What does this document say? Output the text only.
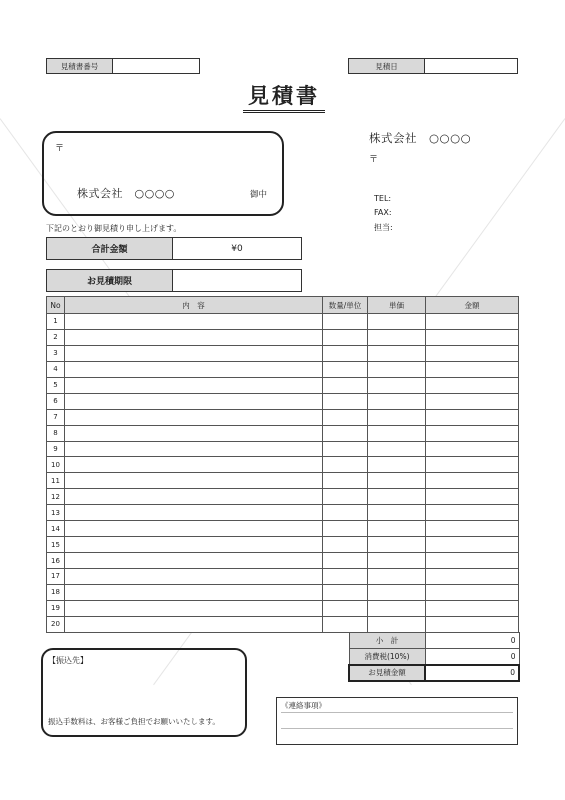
見積書番号	見積日
見積書
〒
株式会社　○○○○	御中
株式会社　○○○○
〒
TEL:
FAX:
担当:
下記のとおり御見積り申し上げます。
合計金額	¥0
お見積期限
No	内　容	数量/単位	単価	金額
1				
2				
3				
4				
5				
6				
7				
8				
9				
10				
11				
12				
13				
14				
15				
16				
17				
18				
19				
20				
小　計	0
消費税(10%)	0
お見積金額	0
【振込先】
振込手数料は、お客様ご負担でお願いいたします。
《連絡事項》
